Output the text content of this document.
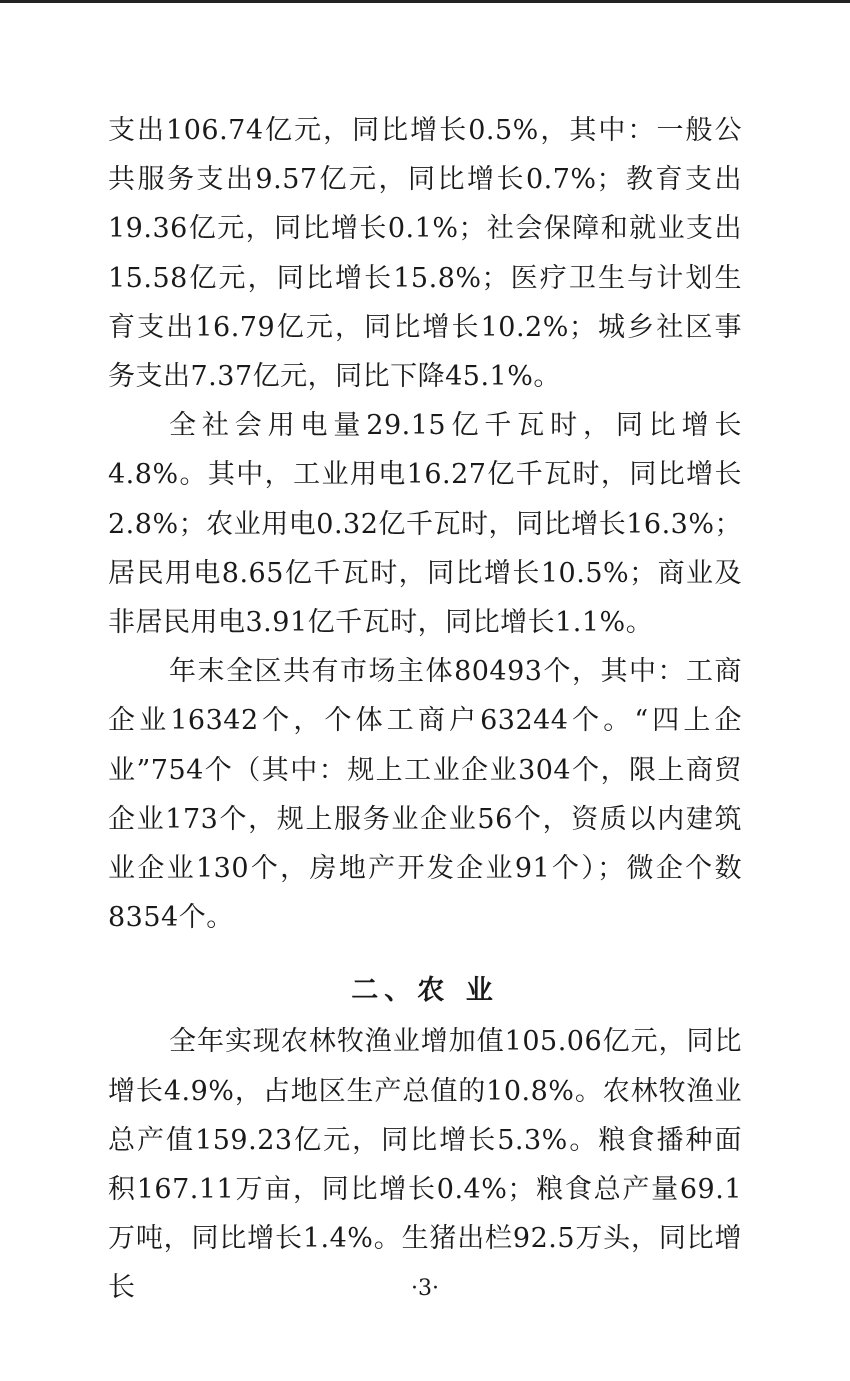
支出106.74亿元，同比增长0.5%，其中：一般公共服务支出9.57亿元，同比增长0.7%；教育支出19.36亿元，同比增长0.1%；社会保障和就业支出15.58亿元，同比增长15.8%；医疗卫生与计划生育支出16.79亿元，同比增长10.2%；城乡社区事务支出7.37亿元，同比下降45.1%。

全社会用电量29.15亿千瓦时，同比增长4.8%。其中，工业用电16.27亿千瓦时，同比增长2.8%；农业用电0.32亿千瓦时，同比增长16.3%；居民用电8.65亿千瓦时，同比增长10.5%；商业及非居民用电3.91亿千瓦时，同比增长1.1%。

年末全区共有市场主体80493个，其中：工商企业16342个，个体工商户63244个。“四上企业”754个（其中：规上工业企业304个，限上商贸企业173个，规上服务业企业56个，资质以内建筑业企业130个，房地产开发企业91个）；微企个数8354个。

二、农 业

全年实现农林牧渔业增加值105.06亿元，同比增长4.9%，占地区生产总值的10.8%。农林牧渔业总产值159.23亿元，同比增长5.3%。粮食播种面积167.11万亩，同比增长0.4%；粮食总产量69.1万吨，同比增长1.4%。生猪出栏92.5万头，同比增长	·3·
